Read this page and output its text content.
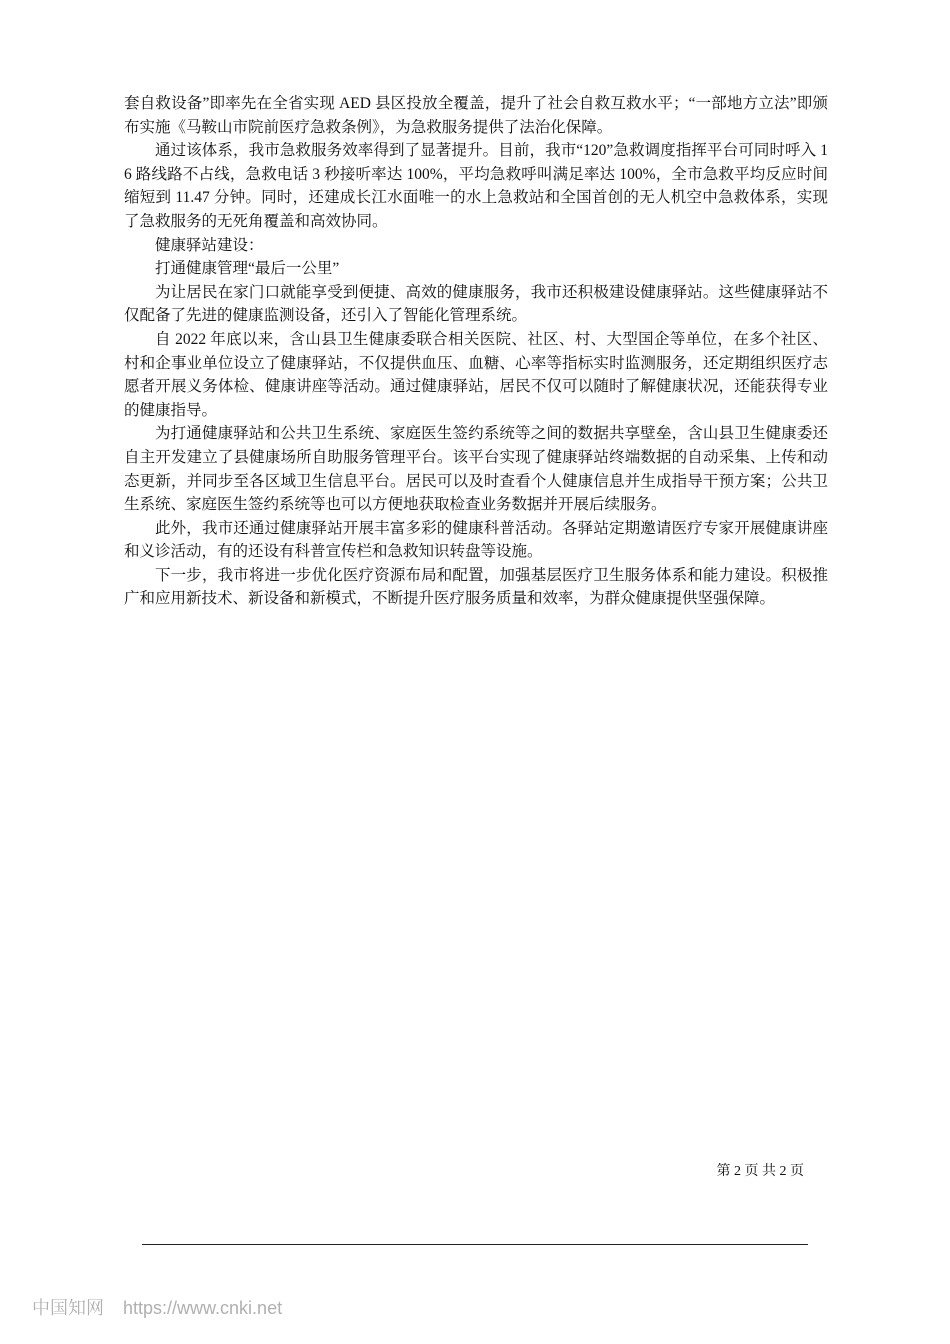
套自救设备”即率先在全省实现 AED 县区投放全覆盖，提升了社会自救互救水平；“一部地方立法”即颁布实施《马鞍山市院前医疗急救条例》，为急救服务提供了法治化保障。

通过该体系，我市急救服务效率得到了显著提升。目前，我市“120”急救调度指挥平台可同时呼入 16 路线路不占线，急救电话 3 秒接听率达 100%，平均急救呼叫满足率达 100%，全市急救平均反应时间缩短到 11.47 分钟。同时，还建成长江水面唯一的水上急救站和全国首创的无人机空中急救体系，实现了急救服务的无死角覆盖和高效协同。

健康驿站建设：

打通健康管理“最后一公里”

为让居民在家门口就能享受到便捷、高效的健康服务，我市还积极建设健康驿站。这些健康驿站不仅配备了先进的健康监测设备，还引入了智能化管理系统。

自 2022 年底以来，含山县卫生健康委联合相关医院、社区、村、大型国企等单位，在多个社区、村和企事业单位设立了健康驿站，不仅提供血压、血糖、心率等指标实时监测服务，还定期组织医疗志愿者开展义务体检、健康讲座等活动。通过健康驿站，居民不仅可以随时了解健康状况，还能获得专业的健康指导。

为打通健康驿站和公共卫生系统、家庭医生签约系统等之间的数据共享壁垒，含山县卫生健康委还自主开发建立了县健康场所自助服务管理平台。该平台实现了健康驿站终端数据的自动采集、上传和动态更新，并同步至各区域卫生信息平台。居民可以及时查看个人健康信息并生成指导干预方案；公共卫生系统、家庭医生签约系统等也可以方便地获取检查业务数据并开展后续服务。

此外，我市还通过健康驿站开展丰富多彩的健康科普活动。各驿站定期邀请医疗专家开展健康讲座和义诊活动，有的还设有科普宣传栏和急救知识转盘等设施。

下一步，我市将进一步优化医疗资源布局和配置，加强基层医疗卫生服务体系和能力建设。积极推广和应用新技术、新设备和新模式，不断提升医疗服务质量和效率，为群众健康提供坚强保障。

第 2 页 共 2 页
中国知网 https://www.cnki.net
